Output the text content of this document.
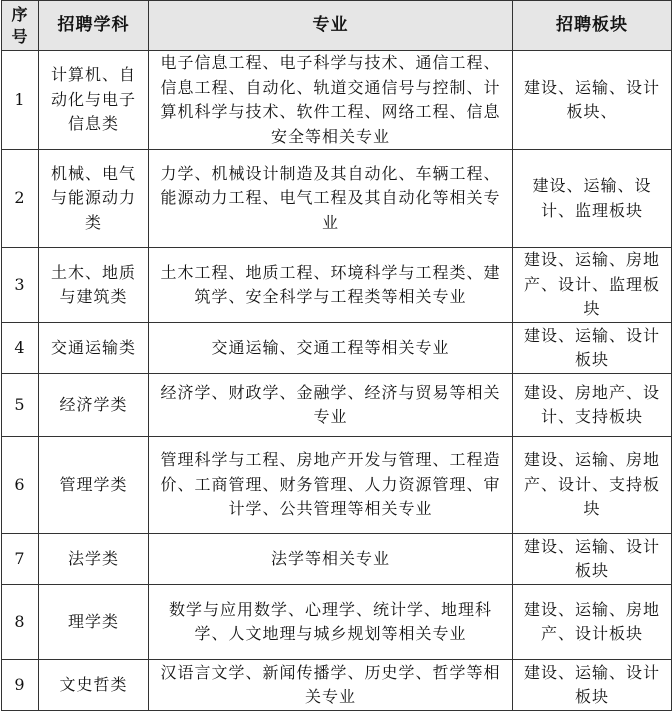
序号	招聘学科	专业	招聘板块
1	计算机、自动化与电子信息类	电子信息工程、电子科学与技术、通信工程、信息工程、自动化、轨道交通信号与控制、计算机科学与技术、软件工程、网络工程、信息安全等相关专业	建设、运输、设计板块、
2	机械、电气与能源动力类	力学、机械设计制造及其自动化、车辆工程、能源动力工程、电气工程及其自动化等相关专业	建设、运输、设计、监理板块
3	土木、地质与建筑类	土木工程、地质工程、环境科学与工程类、建筑学、安全科学与工程类等相关专业	建设、运输、房地产、设计、监理板块
4	交通运输类	交通运输、交通工程等相关专业	建设、运输、设计板块
5	经济学类	经济学、财政学、金融学、经济与贸易等相关专业	建设、房地产、设计、支持板块
6	管理学类	管理科学与工程、房地产开发与管理、工程造价、工商管理、财务管理、人力资源管理、审计学、公共管理等相关专业	建设、运输、房地产、设计、支持板块
7	法学类	法学等相关专业	建设、运输、设计板块
8	理学类	数学与应用数学、心理学、统计学、地理科学、人文地理与城乡规划等相关专业	建设、运输、房地产、设计板块
9	文史哲类	汉语言文学、新闻传播学、历史学、哲学等相关专业	建设、运输、设计板块
